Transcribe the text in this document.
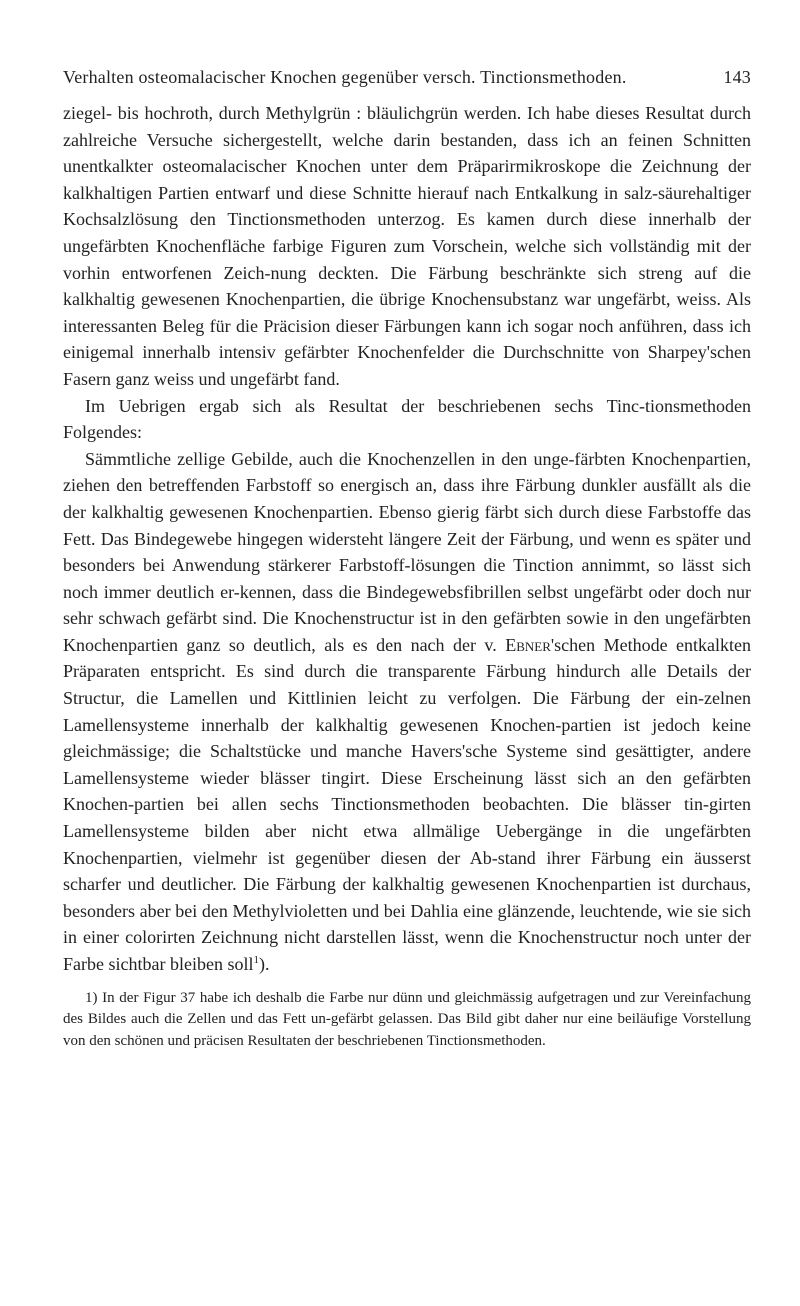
Verhalten osteomalacischer Knochen gegenüber versch. Tinctionsmethoden.	143

ziegel- bis hochroth, durch Methylgrün : bläulichgrün werden. Ich habe dieses Resultat durch zahlreiche Versuche sichergestellt, welche darin bestanden, dass ich an feinen Schnitten unentkalkter osteomalacischer Knochen unter dem Präparirmikroskope die Zeichnung der kalkhaltigen Partien entwarf und diese Schnitte hierauf nach Entkalkung in salz-säurehaltiger Kochsalzlösung den Tinctionsmethoden unterzog. Es kamen durch diese innerhalb der ungefärbten Knochenfläche farbige Figuren zum Vorschein, welche sich vollständig mit der vorhin entworfenen Zeich-nung deckten. Die Färbung beschränkte sich streng auf die kalkhaltig gewesenen Knochenpartien, die übrige Knochensubstanz war ungefärbt, weiss. Als interessanten Beleg für die Präcision dieser Färbungen kann ich sogar noch anführen, dass ich einigemal innerhalb intensiv gefärbter Knochenfelder die Durchschnitte von Sharpey'schen Fasern ganz weiss und ungefärbt fand.

Im Uebrigen ergab sich als Resultat der beschriebenen sechs Tinc-tionsmethoden Folgendes:

Sämmtliche zellige Gebilde, auch die Knochenzellen in den unge-färbten Knochenpartien, ziehen den betreffenden Farbstoff so energisch an, dass ihre Färbung dunkler ausfällt als die der kalkhaltig gewesenen Knochenpartien. Ebenso gierig färbt sich durch diese Farbstoffe das Fett. Das Bindegewebe hingegen widersteht längere Zeit der Färbung, und wenn es später und besonders bei Anwendung stärkerer Farbstoff-lösungen die Tinction annimmt, so lässt sich noch immer deutlich er-kennen, dass die Bindegewebsfibrillen selbst ungefärbt oder doch nur sehr schwach gefärbt sind. Die Knochenstructur ist in den gefärbten sowie in den ungefärbten Knochenpartien ganz so deutlich, als es den nach der v. Ebner'schen Methode entkalkten Präparaten entspricht. Es sind durch die transparente Färbung hindurch alle Details der Structur, die Lamellen und Kittlinien leicht zu verfolgen. Die Färbung der ein-zelnen Lamellensysteme innerhalb der kalkhaltig gewesenen Knochen-partien ist jedoch keine gleichmässige; die Schaltstücke und manche Havers'sche Systeme sind gesättigter, andere Lamellensysteme wieder blässer tingirt. Diese Erscheinung lässt sich an den gefärbten Knochen-partien bei allen sechs Tinctionsmethoden beobachten. Die blässer tin-girten Lamellensysteme bilden aber nicht etwa allmälige Uebergänge in die ungefärbten Knochenpartien, vielmehr ist gegenüber diesen der Ab-stand ihrer Färbung ein äusserst scharfer und deutlicher. Die Färbung der kalkhaltig gewesenen Knochenpartien ist durchaus, besonders aber bei den Methylvioletten und bei Dahlia eine glänzende, leuchtende, wie sie sich in einer colorirten Zeichnung nicht darstellen lässt, wenn die Knochenstructur noch unter der Farbe sichtbar bleiben soll$^1$).

1) In der Figur 37 habe ich deshalb die Farbe nur dünn und gleichmässig aufgetragen und zur Vereinfachung des Bildes auch die Zellen und das Fett un-gefärbt gelassen. Das Bild gibt daher nur eine beiläufige Vorstellung von den schönen und präcisen Resultaten der beschriebenen Tinctionsmethoden.
